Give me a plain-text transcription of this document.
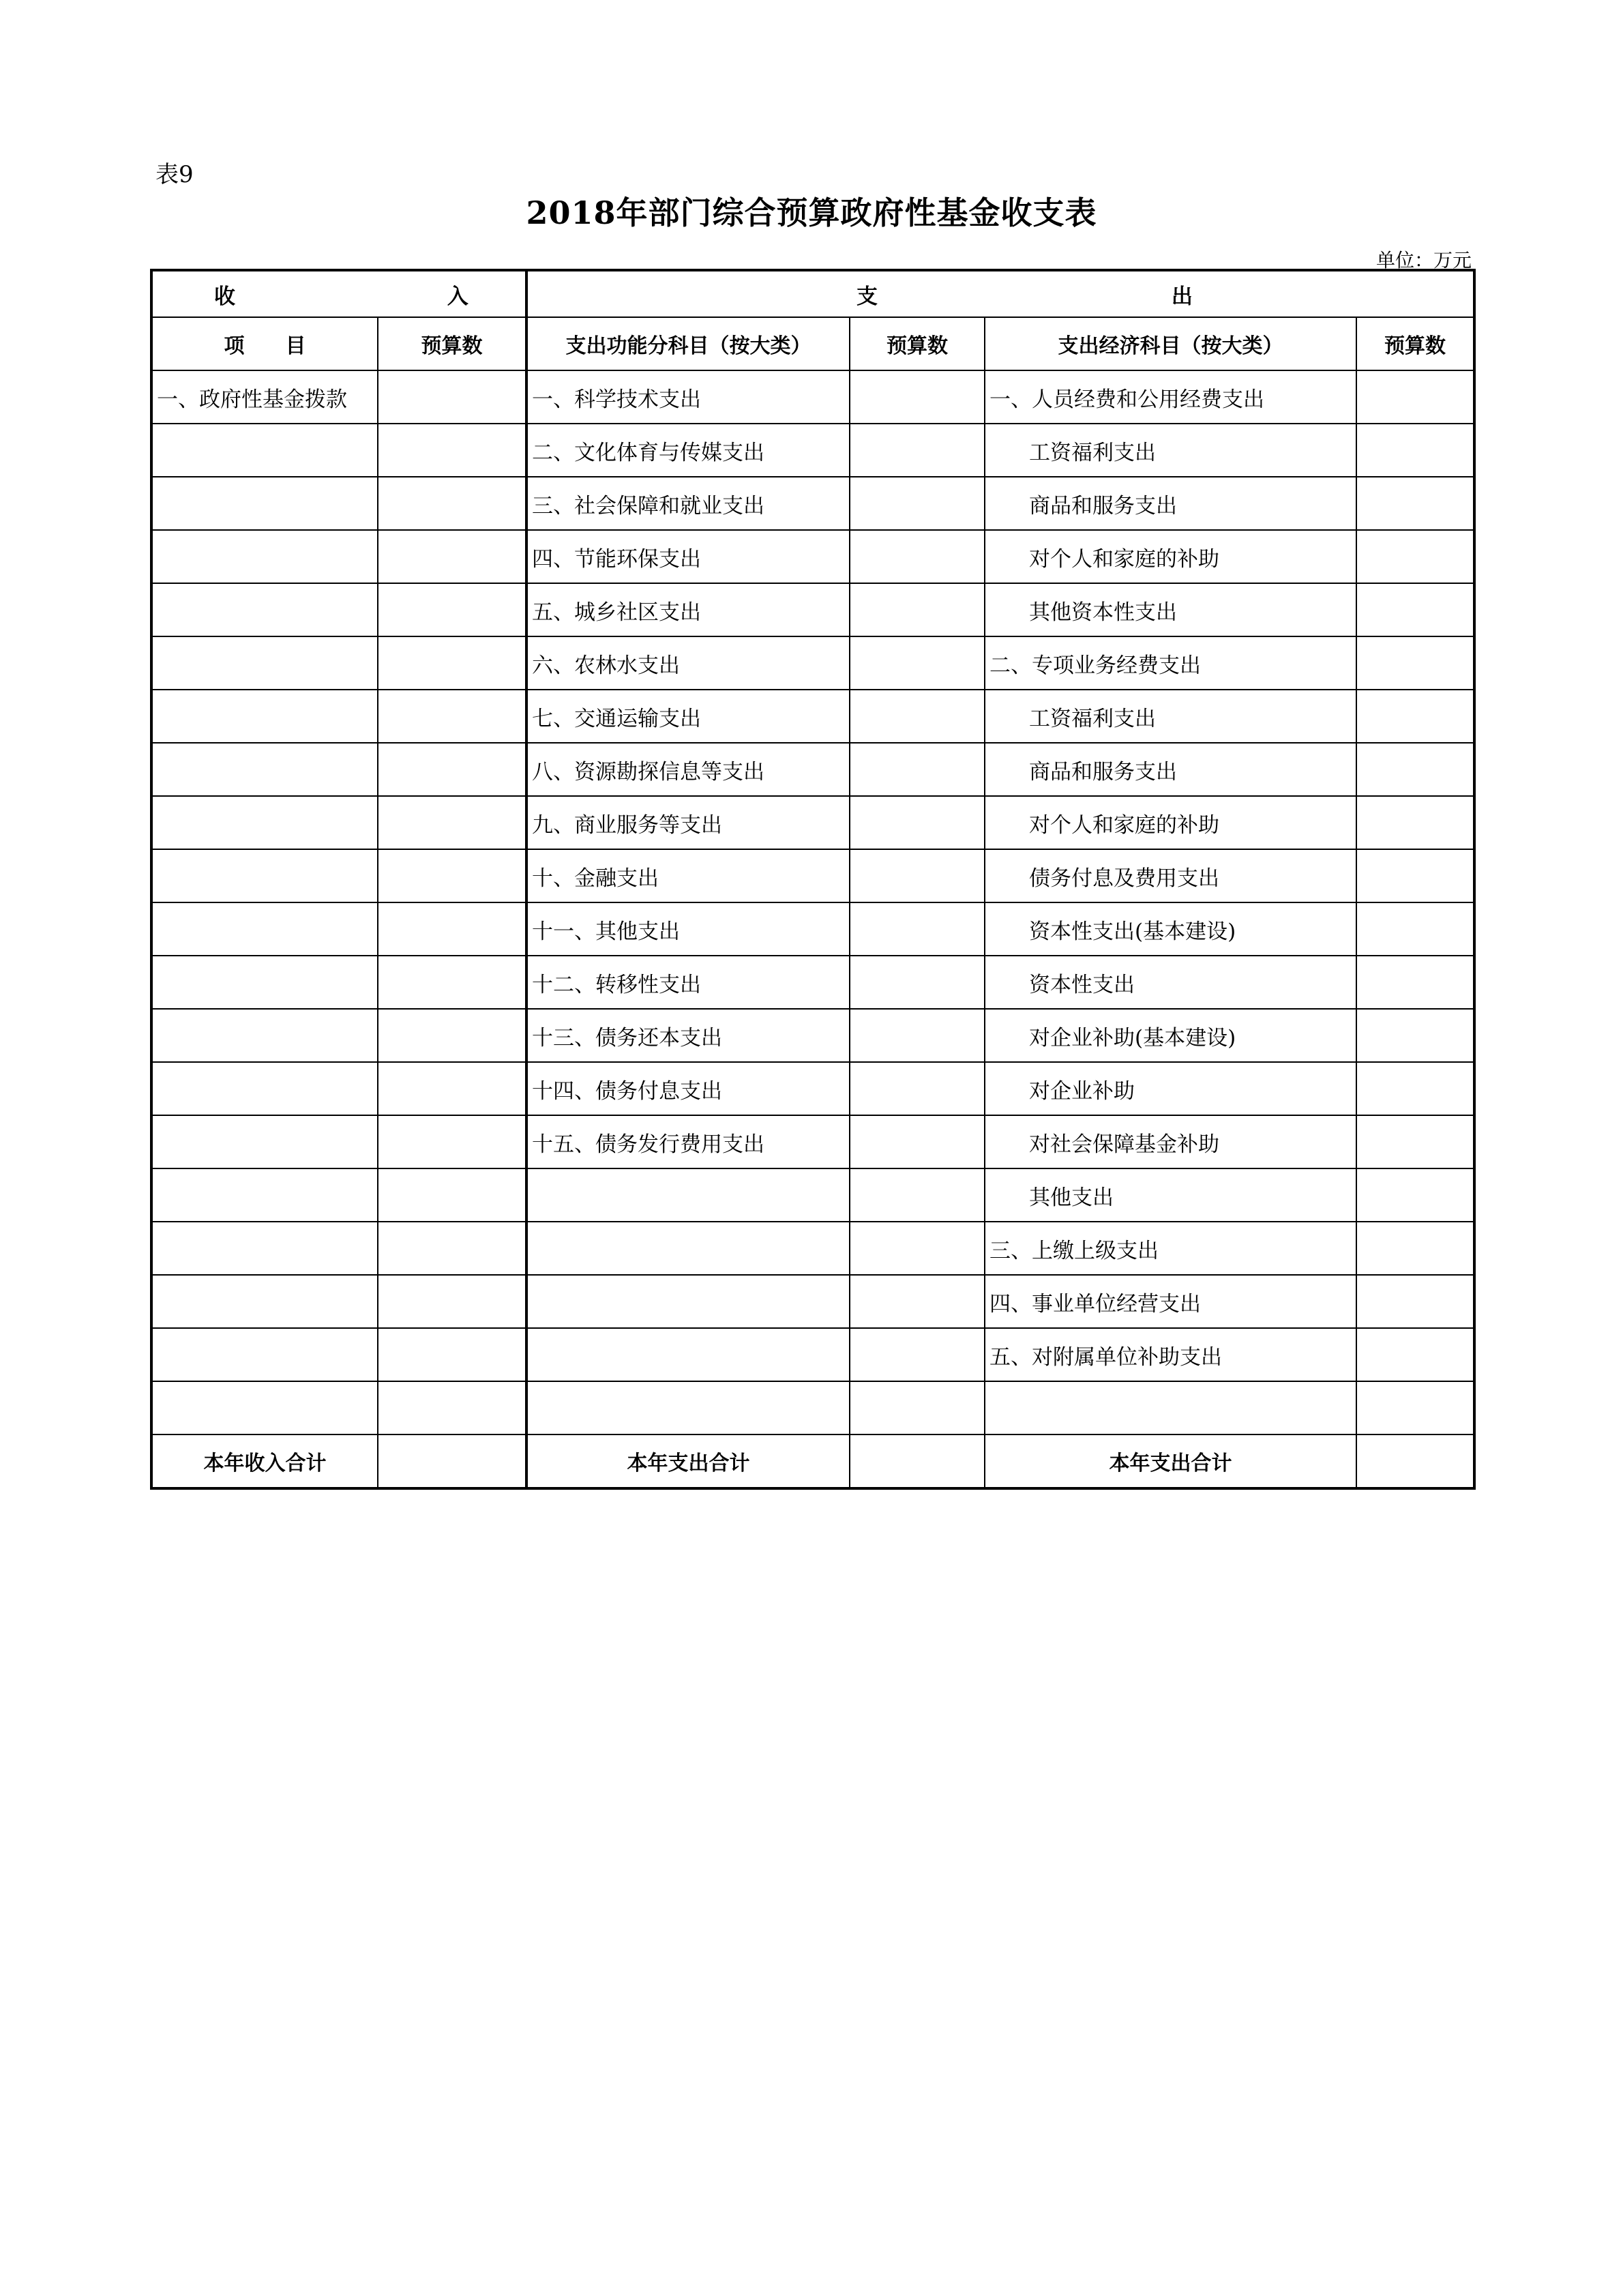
表9
2018年部门综合预算政府性基金收支表
单位：万元
收 入		支 出			
项　　目	预算数	支出功能分科目（按大类）	预算数	支出经济科目（按大类）	预算数
一、政府性基金拨款		一、科学技术支出		一、人员经费和公用经费支出	
		二、文化体育与传媒支出		工资福利支出	
		三、社会保障和就业支出		商品和服务支出	
		四、节能环保支出		对个人和家庭的补助	
		五、城乡社区支出		其他资本性支出	
		六、农林水支出		二、专项业务经费支出	
		七、交通运输支出		工资福利支出	
		八、资源勘探信息等支出		商品和服务支出	
		九、商业服务等支出		对个人和家庭的补助	
		十、金融支出		债务付息及费用支出	
		十一、其他支出		资本性支出(基本建设)	
		十二、转移性支出		资本性支出	
		十三、债务还本支出		对企业补助(基本建设)	
		十四、债务付息支出		对企业补助	
		十五、债务发行费用支出		对社会保障基金补助	
				其他支出	
				三、上缴上级支出	
				四、事业单位经营支出	
				五、对附属单位补助支出	

本年收入合计		本年支出合计		本年支出合计	
